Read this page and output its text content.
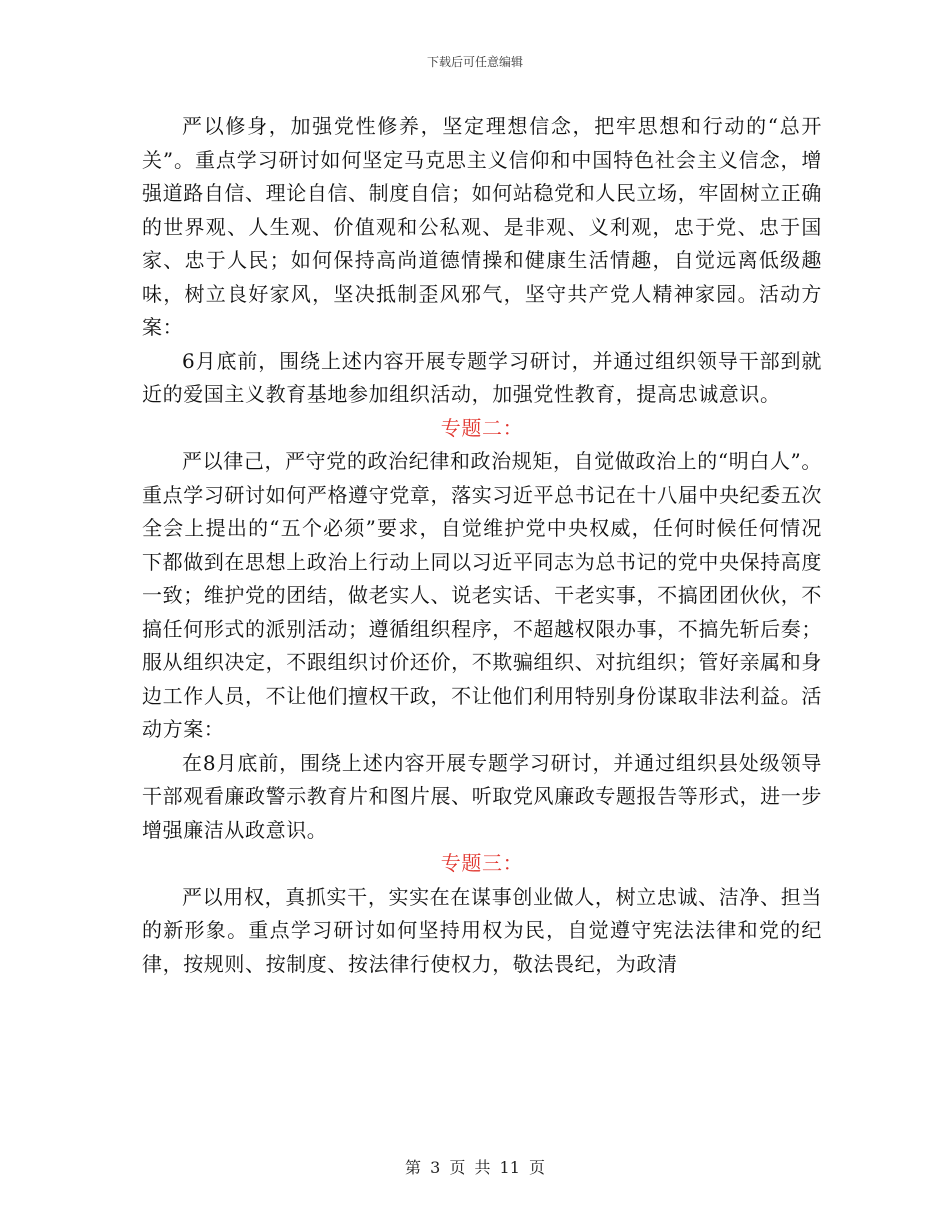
下载后可任意编辑

严以修身，加强党性修养，坚定理想信念，把牢思想和行动的“总开关”。重点学习研讨如何坚定马克思主义信仰和中国特色社会主义信念，增强道路自信、理论自信、制度自信；如何站稳党和人民立场，牢固树立正确的世界观、人生观、价值观和公私观、是非观、义利观，忠于党、忠于国家、忠于人民；如何保持高尚道德情操和健康生活情趣，自觉远离低级趣味，树立良好家风，坚决抵制歪风邪气，坚守共产党人精神家园。活动方案：

6月底前，围绕上述内容开展专题学习研讨，并通过组织领导干部到就近的爱国主义教育基地参加组织活动，加强党性教育，提高忠诚意识。

专题二：

严以律己，严守党的政治纪律和政治规矩，自觉做政治上的“明白人”。重点学习研讨如何严格遵守党章，落实习近平总书记在十八届中央纪委五次全会上提出的“五个必须”要求，自觉维护党中央权威，任何时候任何情况下都做到在思想上政治上行动上同以习近平同志为总书记的党中央保持高度一致；维护党的团结，做老实人、说老实话、干老实事，不搞团团伙伙，不搞任何形式的派别活动；遵循组织程序，不超越权限办事，不搞先斩后奏；服从组织决定，不跟组织讨价还价，不欺骗组织、对抗组织；管好亲属和身边工作人员，不让他们擅权干政，不让他们利用特别身份谋取非法利益。活动方案：

在8月底前，围绕上述内容开展专题学习研讨，并通过组织县处级领导干部观看廉政警示教育片和图片展、听取党风廉政专题报告等形式，进一步增强廉洁从政意识。

专题三：

严以用权，真抓实干，实实在在谋事创业做人，树立忠诚、洁净、担当的新形象。重点学习研讨如何坚持用权为民，自觉遵守宪法法律和党的纪律，按规则、按制度、按法律行使权力，敬法畏纪，为政清

第 3 页 共 11 页
